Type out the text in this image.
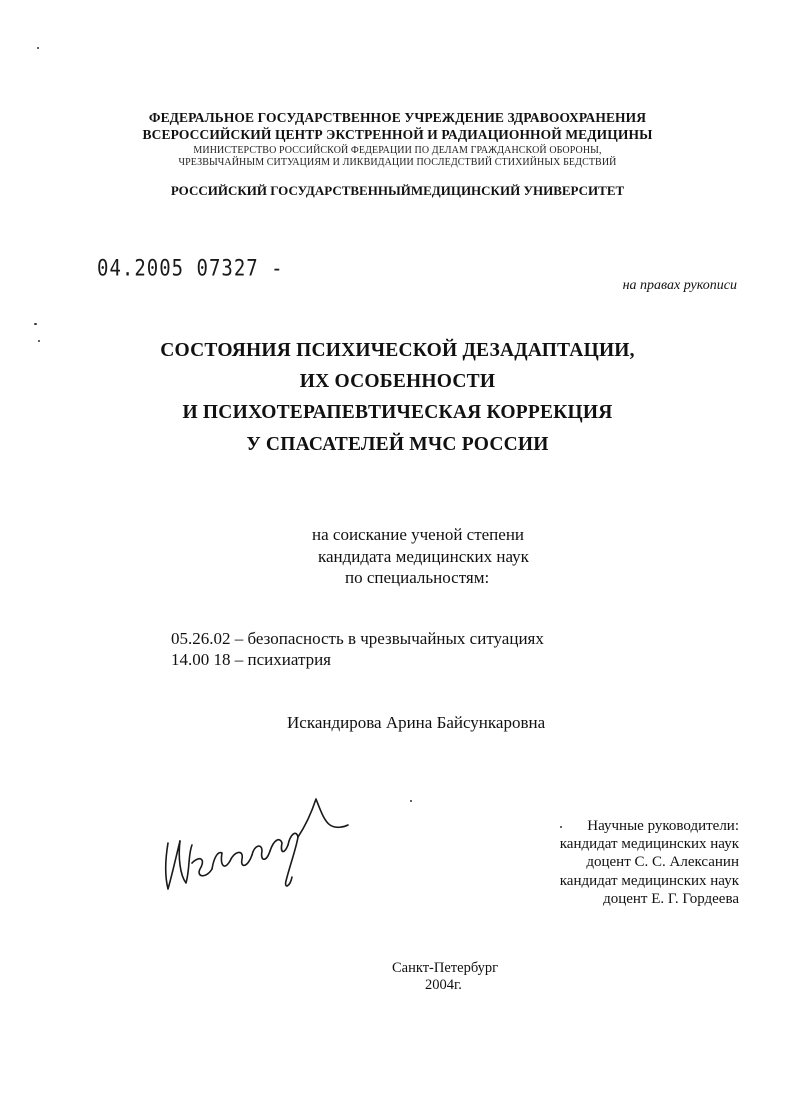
ФЕДЕРАЛЬНОЕ ГОСУДАРСТВЕННОЕ УЧРЕЖДЕНИЕ ЗДРАВООХРАНЕНИЯ
ВСЕРОССИЙСКИЙ ЦЕНТР ЭКСТРЕННОЙ И РАДИАЦИОННОЙ МЕДИЦИНЫ
МИНИСТЕРСТВО РОССИЙСКОЙ ФЕДЕРАЦИИ ПО ДЕЛАМ ГРАЖДАНСКОЙ ОБОРОНЫ,
ЧРЕЗВЫЧАЙНЫМ СИТУАЦИЯМ И ЛИКВИДАЦИИ ПОСЛЕДСТВИЙ СТИХИЙНЫХ БЕДСТВИЙ
РОССИЙСКИЙ ГОСУДАРСТВЕННЫЙМЕДИЦИНСКИЙ УНИВЕРСИТЕТ
04.2005 07327 -
на правах рукописи
СОСТОЯНИЯ ПСИХИЧЕСКОЙ ДЕЗАДАПТАЦИИ,
ИХ ОСОБЕННОСТИ
И ПСИХОТЕРАПЕВТИЧЕСКАЯ КОРРЕКЦИЯ
У СПАСАТЕЛЕЙ МЧС РОССИИ
на соискание ученой степени
кандидата медицинских наук
по специальностям:
05.26.02 – безопасность в чрезвычайных ситуациях
14.00 18 – психиатрия
Искандирова Арина Байсункаровна
Научные руководители:
кандидат медицинских наук
доцент С. С. Алексанин
кандидат медицинских наук
доцент Е. Г. Гордеева
Санкт-Петербург
2004г.
